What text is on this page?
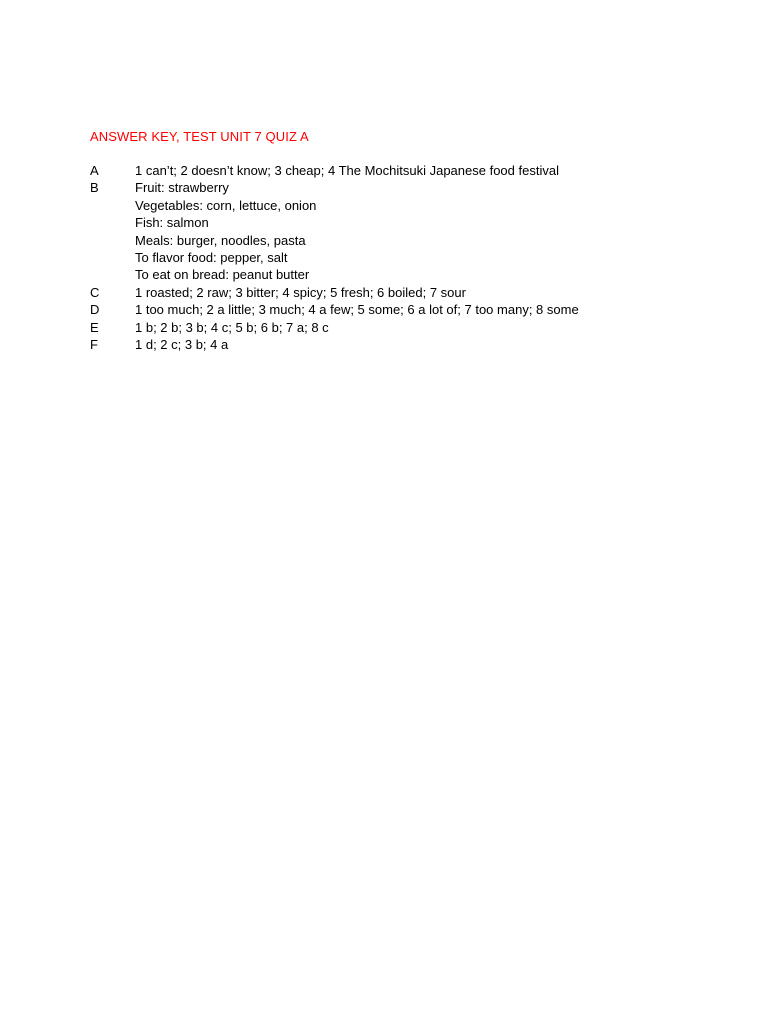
ANSWER KEY, TEST UNIT 7 QUIZ A
A	1 can’t; 2 doesn’t know; 3 cheap; 4 The Mochitsuki Japanese food festival
B	Fruit: strawberry
Vegetables: corn, lettuce, onion
Fish: salmon
Meals: burger, noodles, pasta
To flavor food: pepper, salt
To eat on bread: peanut butter
C	1 roasted; 2 raw; 3 bitter; 4 spicy; 5 fresh; 6 boiled; 7 sour
D	1 too much; 2 a little; 3 much; 4 a few; 5 some; 6 a lot of; 7 too many; 8 some
E	1 b; 2 b; 3 b; 4 c; 5 b; 6 b; 7 a; 8 c
F	1 d; 2 c; 3 b; 4 a
